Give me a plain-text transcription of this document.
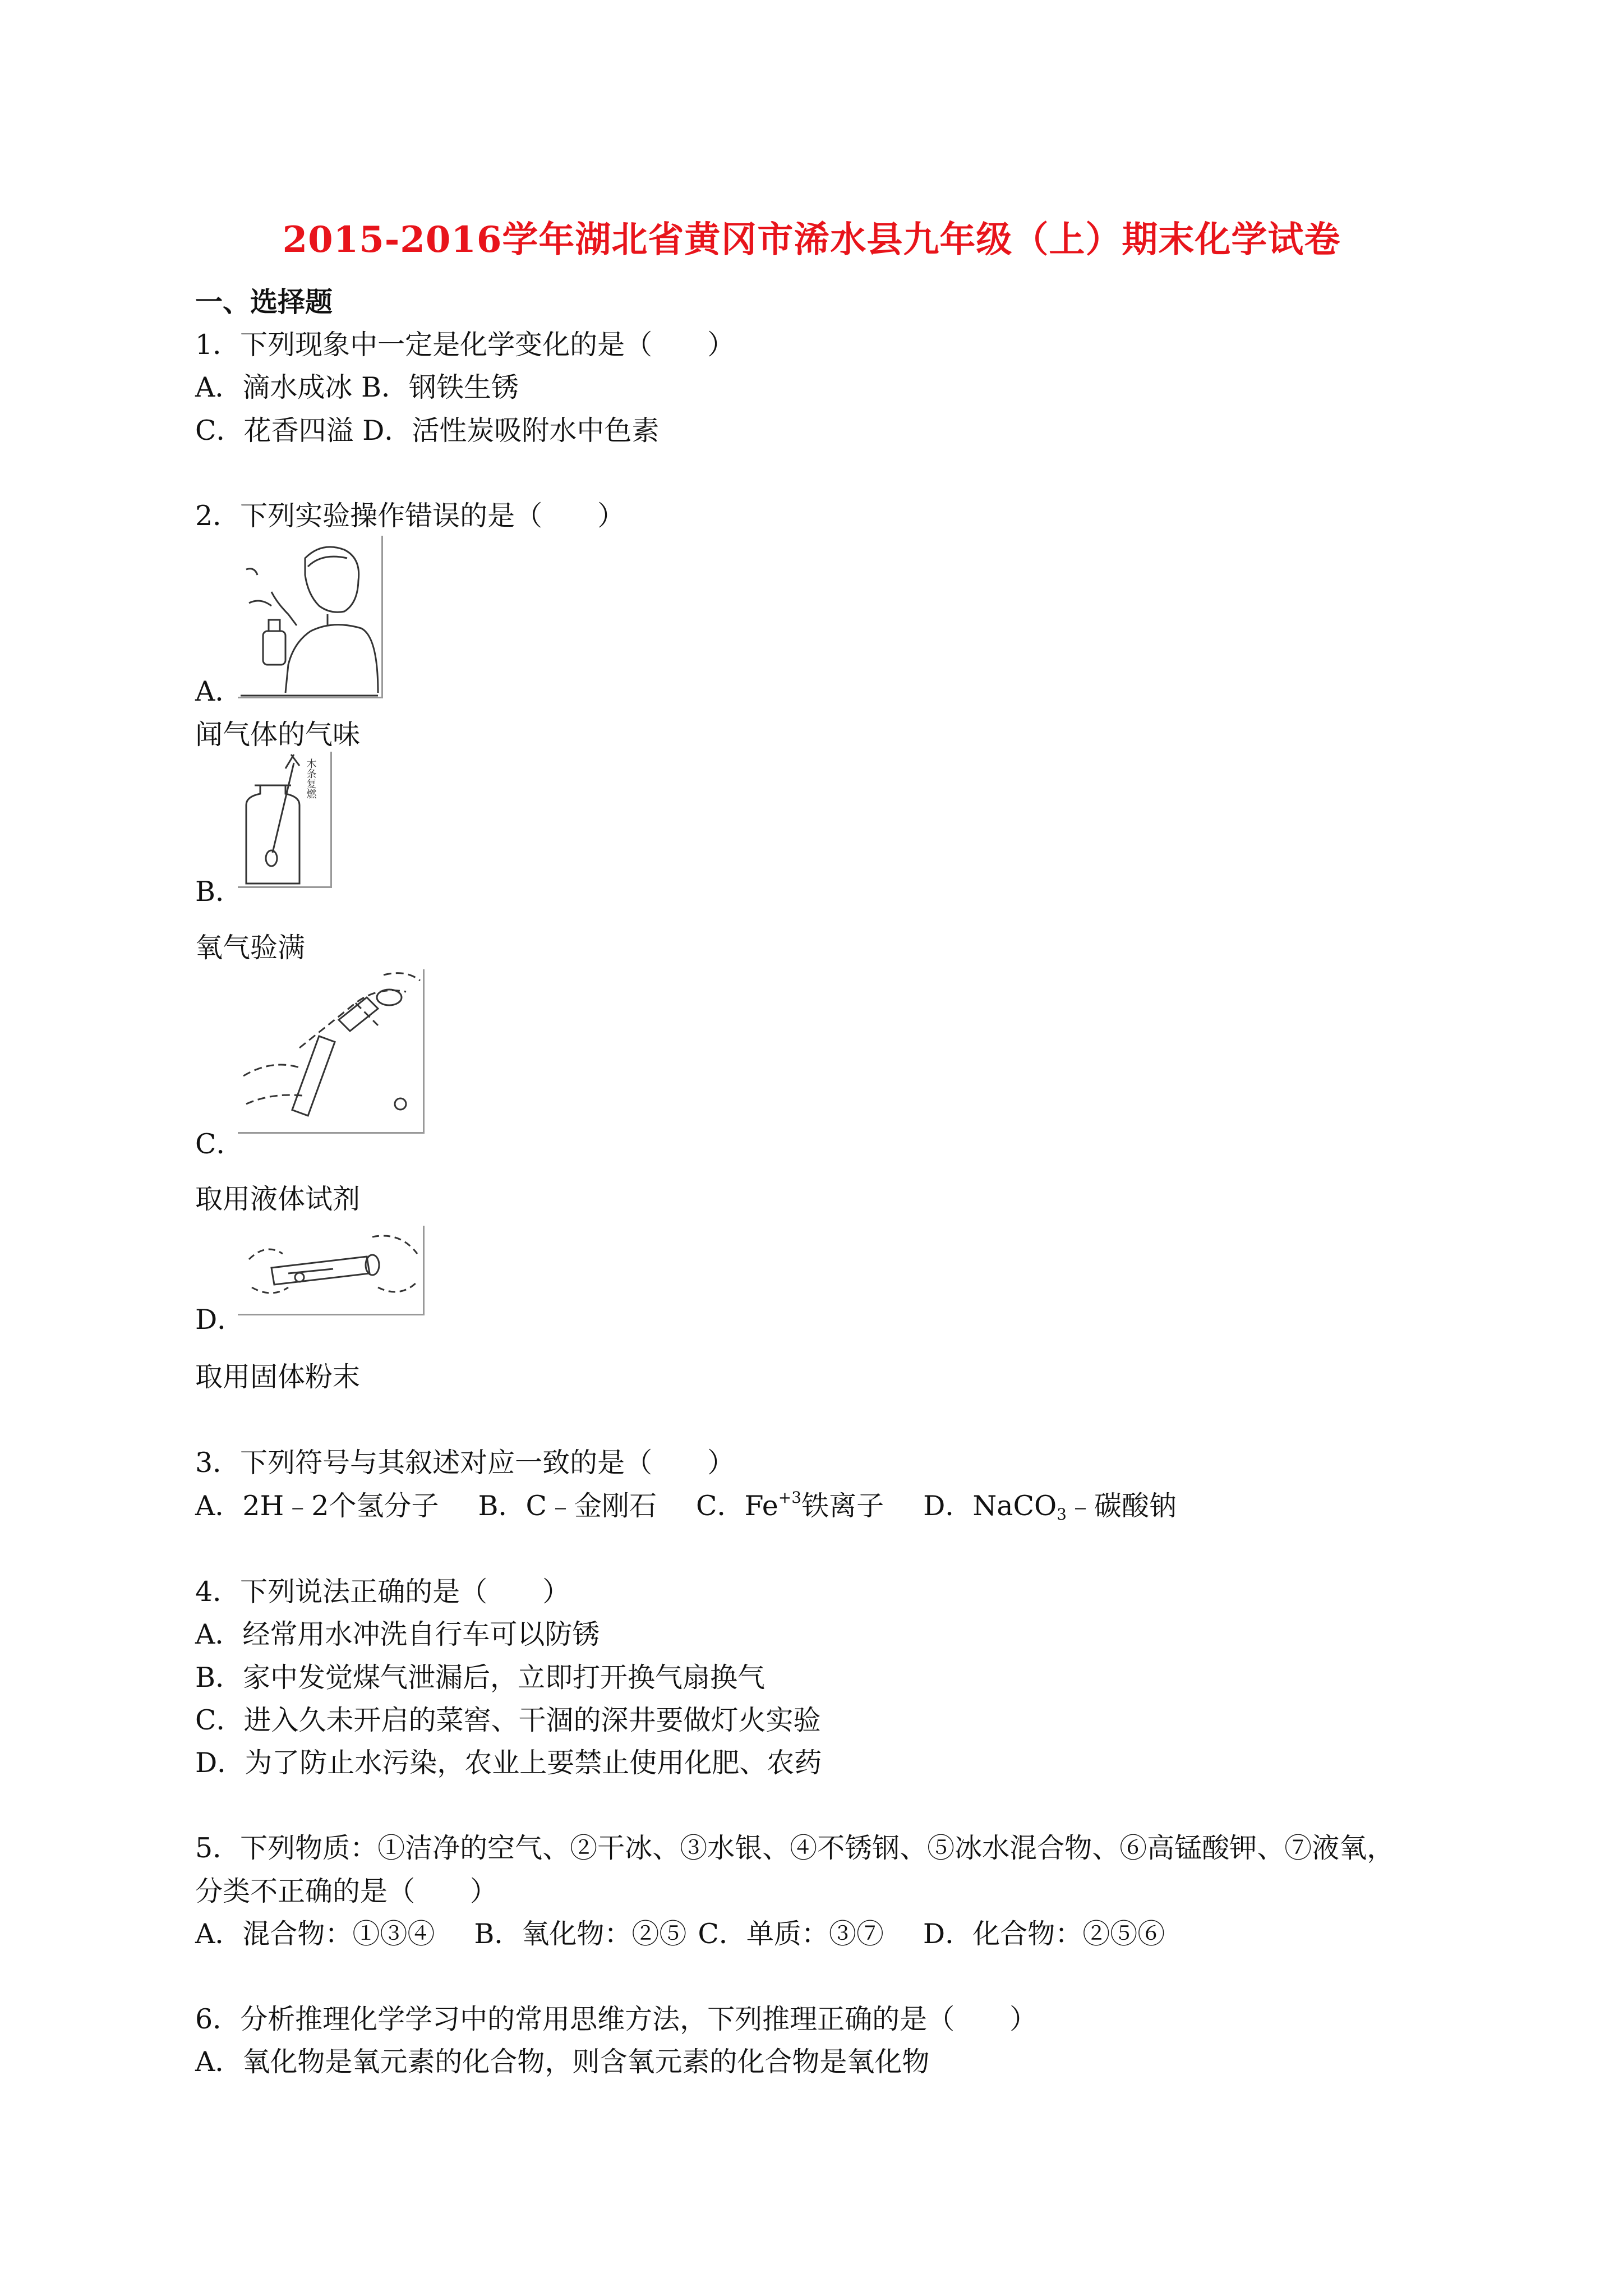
2015-2016学年湖北省黄冈市浠水县九年级（上）期末化学试卷
一、选择题
1．下列现象中一定是化学变化的是（　　）
A．滴水成冰 B．钢铁生锈
C．花香四溢 D．活性炭吸附水中色素
2．下列实验操作错误的是（　　）
A．
闻气体的气味
木条复燃
B．
氧气验满
C．
取用液体试剂
D．
取用固体粉末
3．下列符号与其叙述对应一致的是（　　）
A．2H﹣2个氢分子 B．C﹣金刚石 C．$Fe^{+3}$铁离子 D．NaCO$_3$﹣碳酸钠
4．下列说法正确的是（　　）
A．经常用水冲洗自行车可以防锈
B．家中发觉煤气泄漏后，立即打开换气扇换气
C．进入久未开启的菜窖、干涸的深井要做灯火实验
D．为了防止水污染，农业上要禁止使用化肥、农药
5．下列物质：①洁净的空气、②干冰、③水银、④不锈钢、⑤冰水混合物、⑥高锰酸钾、⑦液氧，
分类不正确的是（　　）
A．混合物：①③④ B．氧化物：②⑤ C．单质：③⑦ D．化合物：②⑤⑥
6．分析推理化学学习中的常用思维方法，下列推理正确的是（　　）
A．氧化物是氧元素的化合物，则含氧元素的化合物是氧化物
